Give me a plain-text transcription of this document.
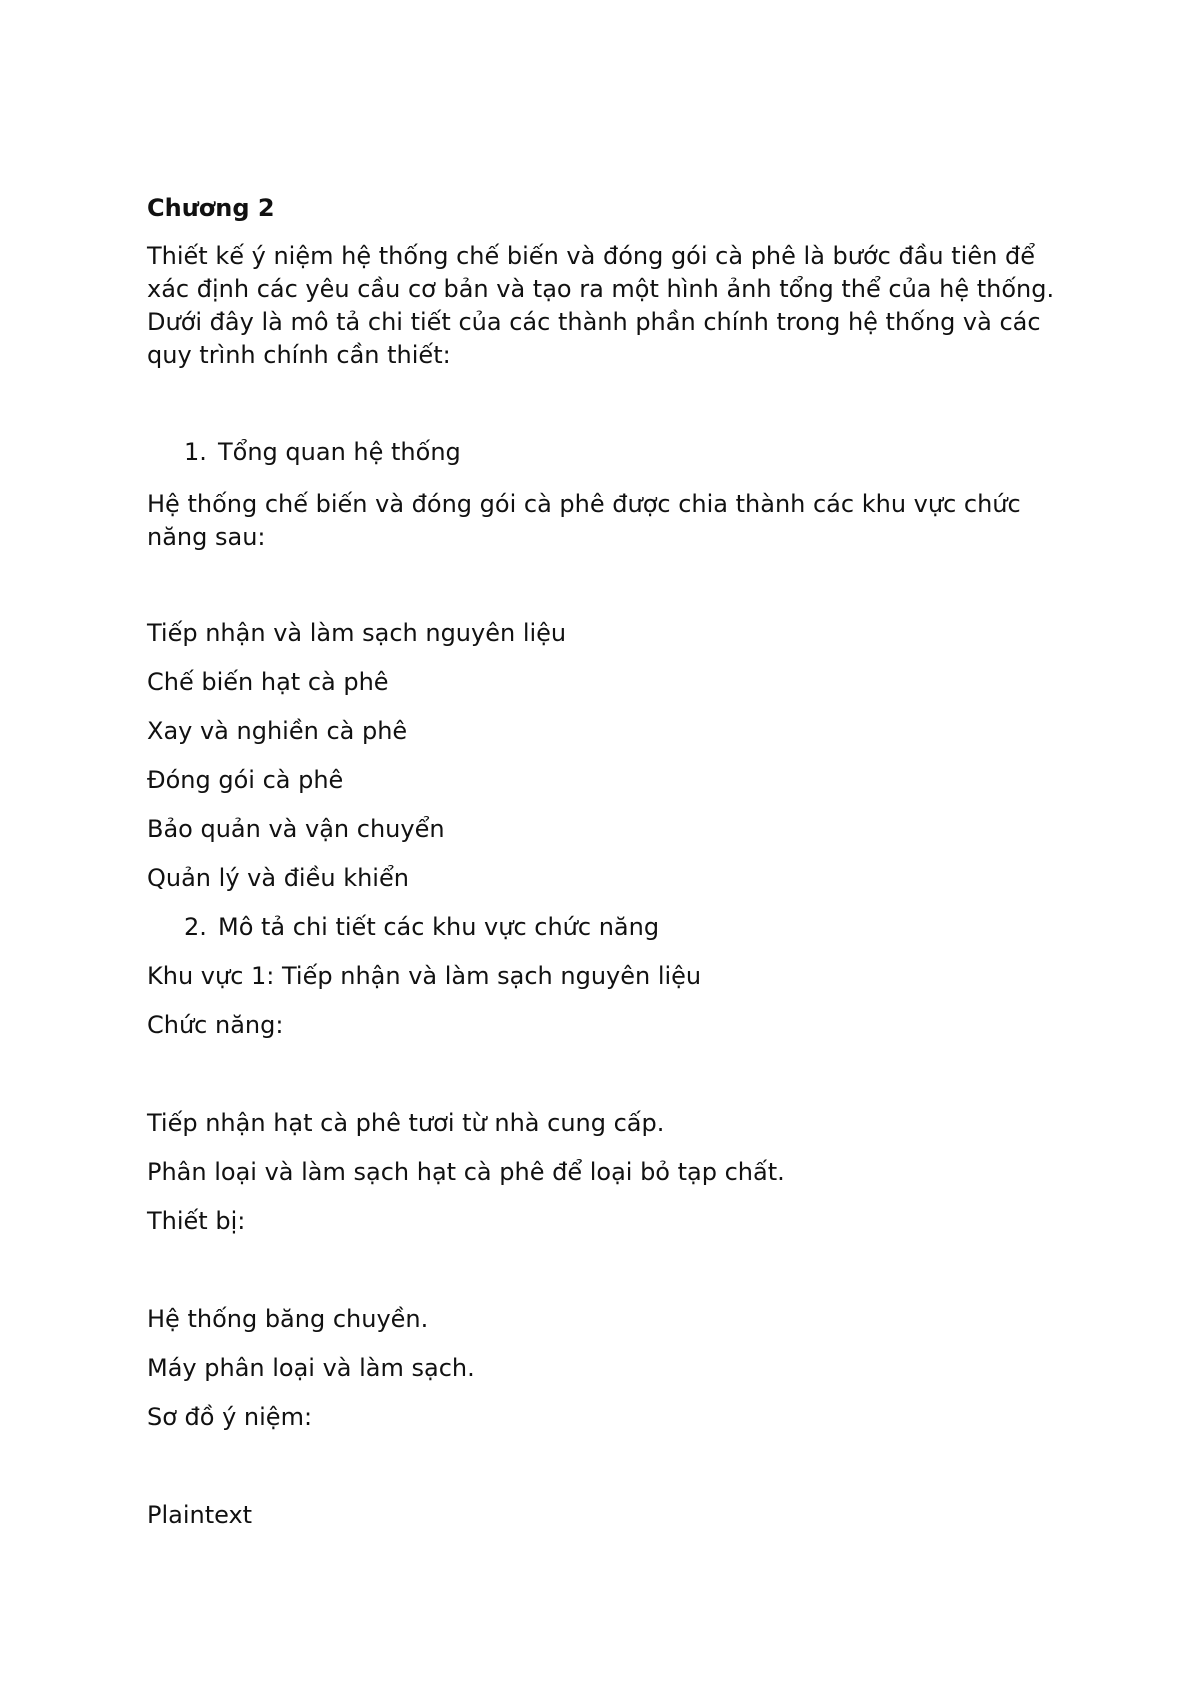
Chương 2

Thiết kế ý niệm hệ thống chế biến và đóng gói cà phê là bước đầu tiên để xác định các yêu cầu cơ bản và tạo ra một hình ảnh tổng thể của hệ thống. Dưới đây là mô tả chi tiết của các thành phần chính trong hệ thống và các quy trình chính cần thiết:

1. Tổng quan hệ thống

Hệ thống chế biến và đóng gói cà phê được chia thành các khu vực chức năng sau:

Tiếp nhận và làm sạch nguyên liệu

Chế biến hạt cà phê

Xay và nghiền cà phê

Đóng gói cà phê

Bảo quản và vận chuyển

Quản lý và điều khiển

2. Mô tả chi tiết các khu vực chức năng

Khu vực 1: Tiếp nhận và làm sạch nguyên liệu

Chức năng:

Tiếp nhận hạt cà phê tươi từ nhà cung cấp.

Phân loại và làm sạch hạt cà phê để loại bỏ tạp chất.

Thiết bị:

Hệ thống băng chuyền.

Máy phân loại và làm sạch.

Sơ đồ ý niệm:

Plaintext
